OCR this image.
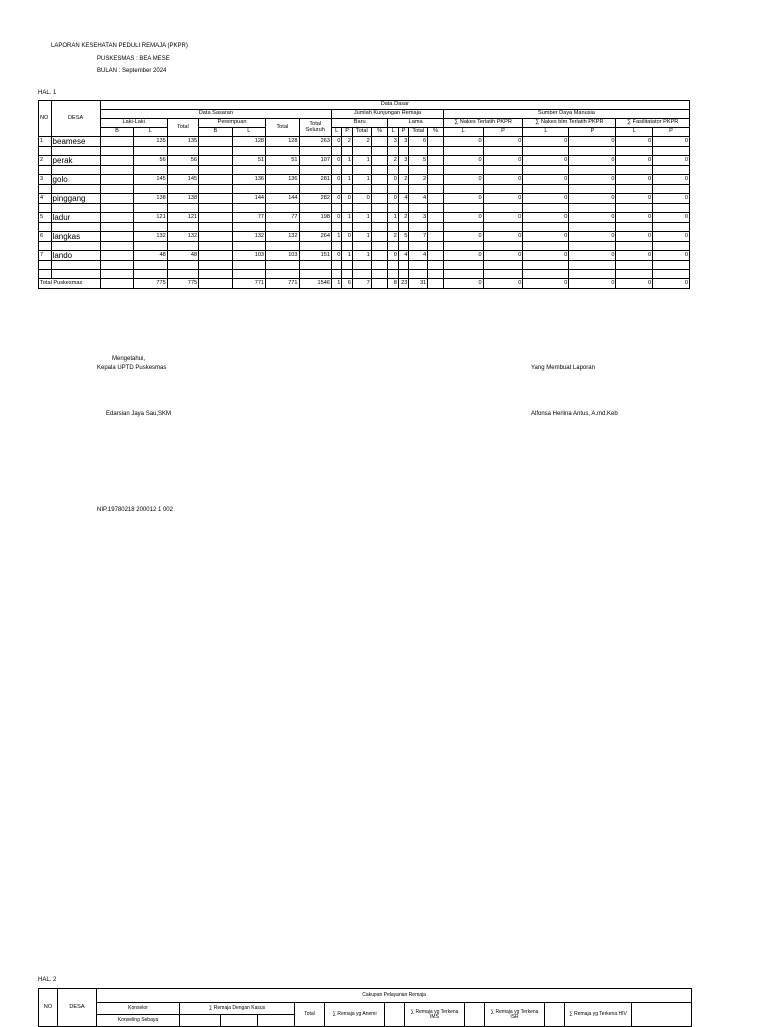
LAPORAN KESEHATAN PEDULI REMAJA (PKPR)
PUSKESMAS : BEA MESE
BULAN : September 2024
HAL. 1
NO	DESA	Data Dasar																				
		Data Sasaran							Jumlah Kunjungan Remaja								Sumber Daya Manusia					
		Laki-Laki		Total	Perempuan		Total	Total Seluruh	Baru				Lama				∑ Nakes Terlatih PKPR		∑ Nakes blm Terlatih PKPR		∑ Fasilitatator PKPR	
		B	L		B	L			L	P	Total	%	L	P	Total	%	L	P	L	P	L	P
1	beamese		135	135		128	128	263	0	2	2		3	3	6		0	0	0	0	0	0

2	perak		56	56		51	51	107	0	1	1		2	3	5		0	0	0	0	0	0

3	golo		145	145		136	136	281	0	1	1		0	2	2		0	0	0	0	0	0

4	pinggang		138	138		144	144	282	0	0	0		0	4	4		0	0	0	0	0	0

5	ladur		121	121		77	77	198	0	1	1		1	2	3		0	0	0	0	0	0

6	langkas		132	132		132	132	264	1	0	1		2	5	7		0	0	0	0	0	0

7	lando		48	48		103	103	151	0	1	1		0	4	4		0	0	0	0	0	0

Total Puskesmas			775	775		771	771	1546	1	6	7		8	23	31		0	0	0	0	0	0
Mengetahui,
Kepala UPTD Puskesmas	Yang Membuat Laporan
Edarsian Jaya Sau,SKM	Alfonsa Herlina Antus, A.md.Keb
NIP.19780218 200012 1 002
HAL. 2
NO	DESA	Cakupan Pelayanan Remaja												
		Konselor	∑ Remaja Dengan Kasus			Total	∑ Remaja yg Anemi		∑ Remaja yg Terkena IMS		∑ Remaja yg Terkena ISR		∑ Remaja yg Terkena HIV	
		Konseling Sebaya												
